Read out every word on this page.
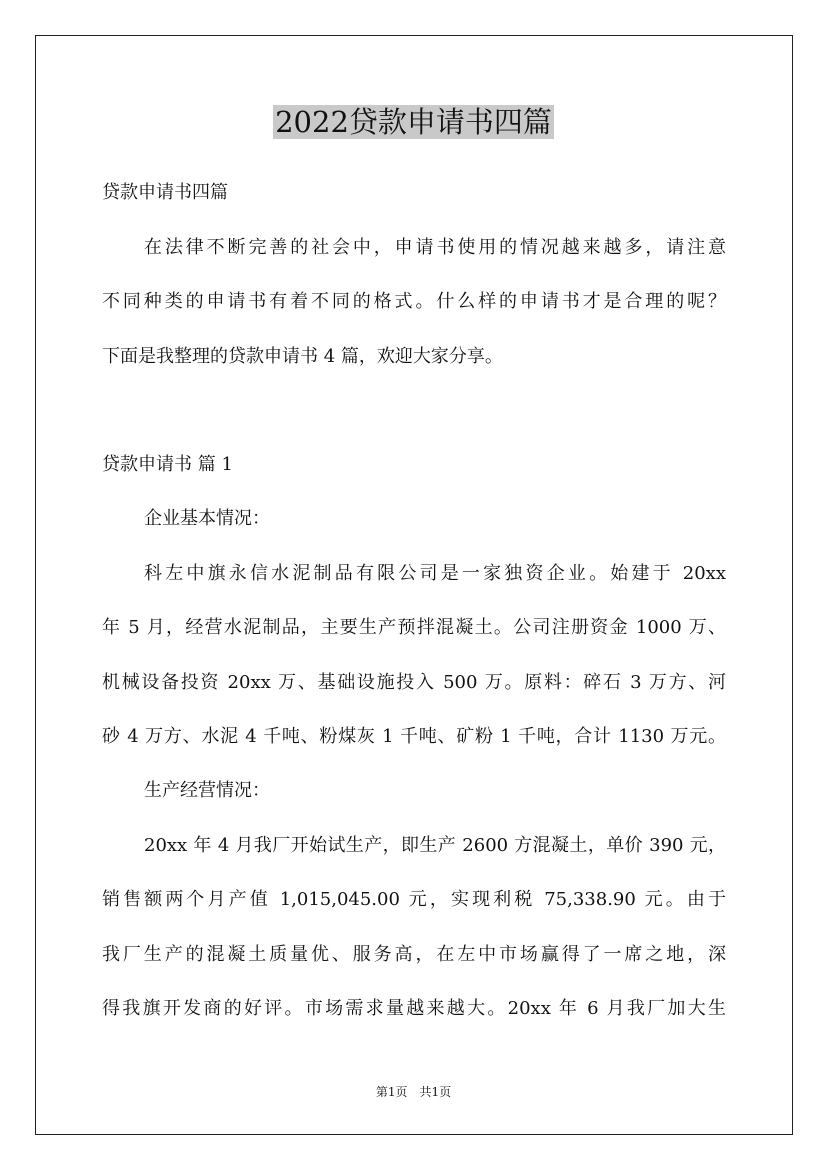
2022贷款申请书四篇
贷款申请书四篇
在法律不断完善的社会中，申请书使用的情况越来越多，请注意
不同种类的申请书有着不同的格式。什么样的申请书才是合理的呢？
下面是我整理的贷款申请书 4 篇，欢迎大家分享。
贷款申请书 篇 1
企业基本情况：
科左中旗永信水泥制品有限公司是一家独资企业。始建于 20xx
年 5 月，经营水泥制品，主要生产预拌混凝土。公司注册资金 1000 万、
机械设备投资 20xx 万、基础设施投入 500 万。原料：碎石 3 万方、河
砂 4 万方、水泥 4 千吨、粉煤灰 1 千吨、矿粉 1 千吨，合计 1130 万元。
生产经营情况：
20xx 年 4 月我厂开始试生产，即生产 2600 方混凝土，单价 390 元，
销售额两个月产值 1,015,045.00 元，实现利税 75,338.90 元。由于
我厂生产的混凝土质量优、服务高，在左中市场赢得了一席之地，深
得我旗开发商的好评。市场需求量越来越大。20xx 年 6 月我厂加大生
第1页　共1页
